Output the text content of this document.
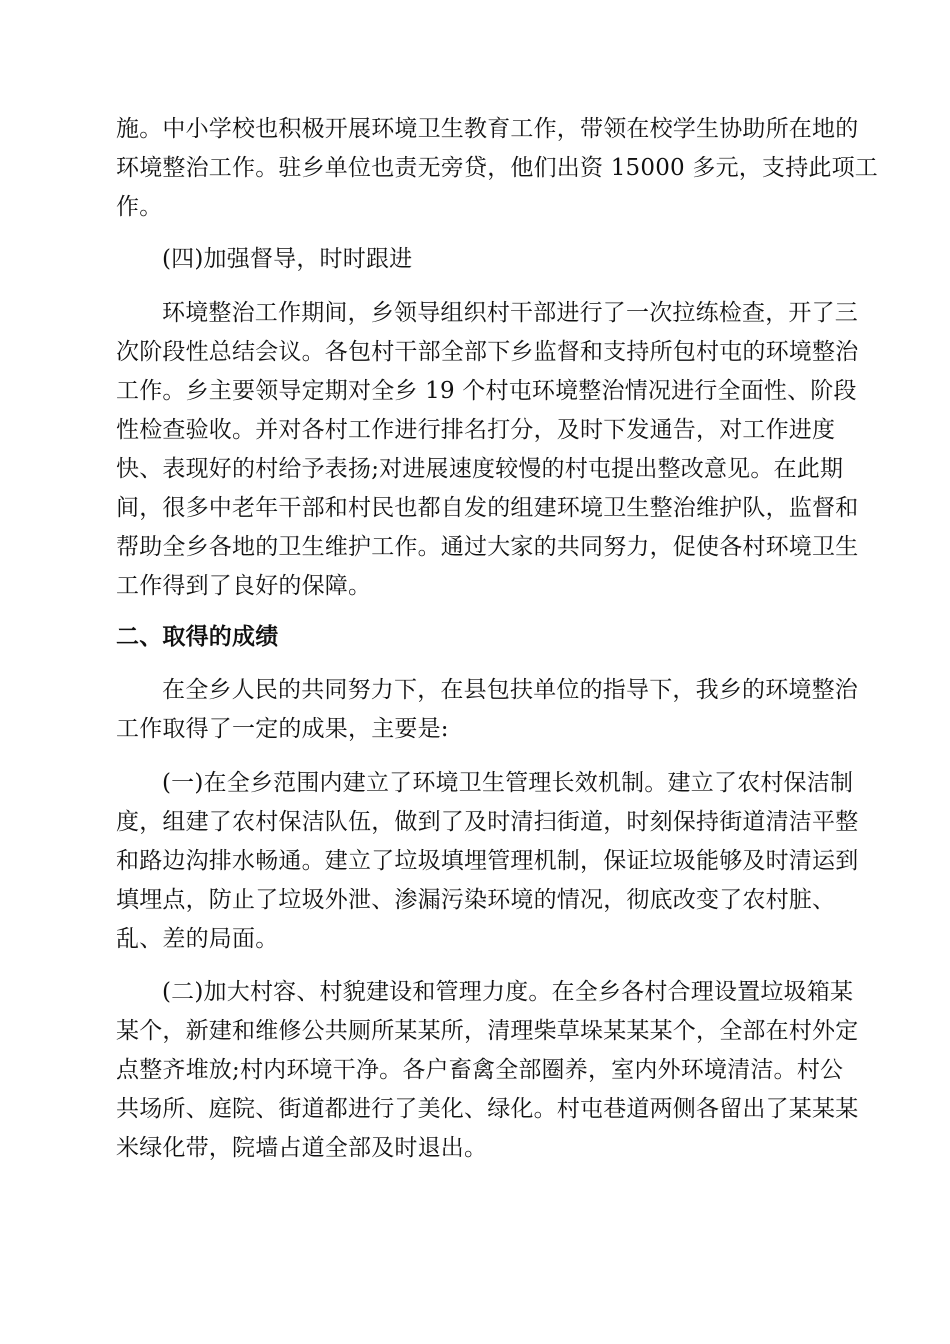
施。中小学校也积极开展环境卫生教育工作，带领在校学生协助所在地的
环境整治工作。驻乡单位也责无旁贷，他们出资 15000 多元，支持此项工
作。
(四)加强督导，时时跟进
环境整治工作期间，乡领导组织村干部进行了一次拉练检查，开了三
次阶段性总结会议。各包村干部全部下乡监督和支持所包村屯的环境整治
工作。乡主要领导定期对全乡 19 个村屯环境整治情况进行全面性、阶段
性检查验收。并对各村工作进行排名打分，及时下发通告，对工作进度
快、表现好的村给予表扬;对进展速度较慢的村屯提出整改意见。在此期
间，很多中老年干部和村民也都自发的组建环境卫生整治维护队，监督和
帮助全乡各地的卫生维护工作。通过大家的共同努力，促使各村环境卫生
工作得到了良好的保障。
二、取得的成绩
在全乡人民的共同努力下，在县包扶单位的指导下，我乡的环境整治
工作取得了一定的成果，主要是:
(一)在全乡范围内建立了环境卫生管理长效机制。建立了农村保洁制
度，组建了农村保洁队伍，做到了及时清扫街道，时刻保持街道清洁平整
和路边沟排水畅通。建立了垃圾填埋管理机制，保证垃圾能够及时清运到
填埋点，防止了垃圾外泄、渗漏污染环境的情况，彻底改变了农村脏、
乱、差的局面。
(二)加大村容、村貌建设和管理力度。在全乡各村合理设置垃圾箱某
某个，新建和维修公共厕所某某所，清理柴草垛某某某个，全部在村外定
点整齐堆放;村内环境干净。各户畜禽全部圈养，室内外环境清洁。村公
共场所、庭院、街道都进行了美化、绿化。村屯巷道两侧各留出了某某某
米绿化带，院墙占道全部及时退出。
